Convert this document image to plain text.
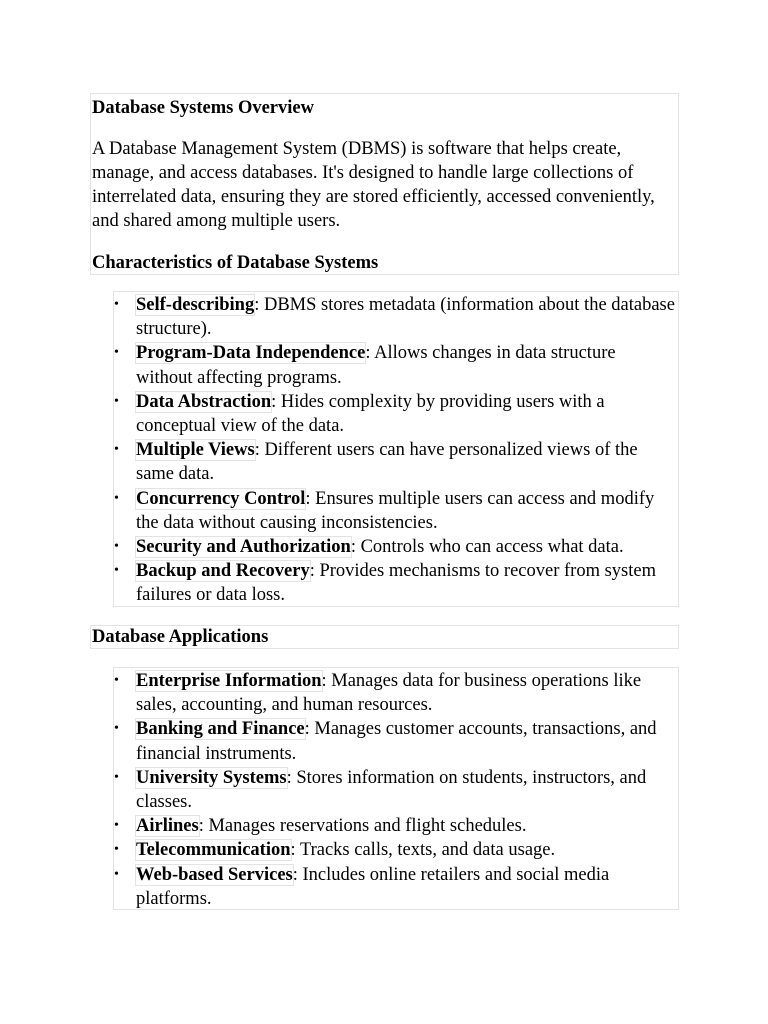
Database Systems Overview

A Database Management System (DBMS) is software that helps create, manage, and access databases. It's designed to handle large collections of interrelated data, ensuring they are stored efficiently, accessed conveniently, and shared among multiple users.

Characteristics of Database Systems

• Self-describing: DBMS stores metadata (information about the database structure).
• Program-Data Independence: Allows changes in data structure without affecting programs.
• Data Abstraction: Hides complexity by providing users with a conceptual view of the data.
• Multiple Views: Different users can have personalized views of the same data.
• Concurrency Control: Ensures multiple users can access and modify the data without causing inconsistencies.
• Security and Authorization: Controls who can access what data.
• Backup and Recovery: Provides mechanisms to recover from system failures or data loss.

Database Applications

• Enterprise Information: Manages data for business operations like sales, accounting, and human resources.
• Banking and Finance: Manages customer accounts, transactions, and financial instruments.
• University Systems: Stores information on students, instructors, and classes.
• Airlines: Manages reservations and flight schedules.
• Telecommunication: Tracks calls, texts, and data usage.
• Web-based Services: Includes online retailers and social media platforms.
